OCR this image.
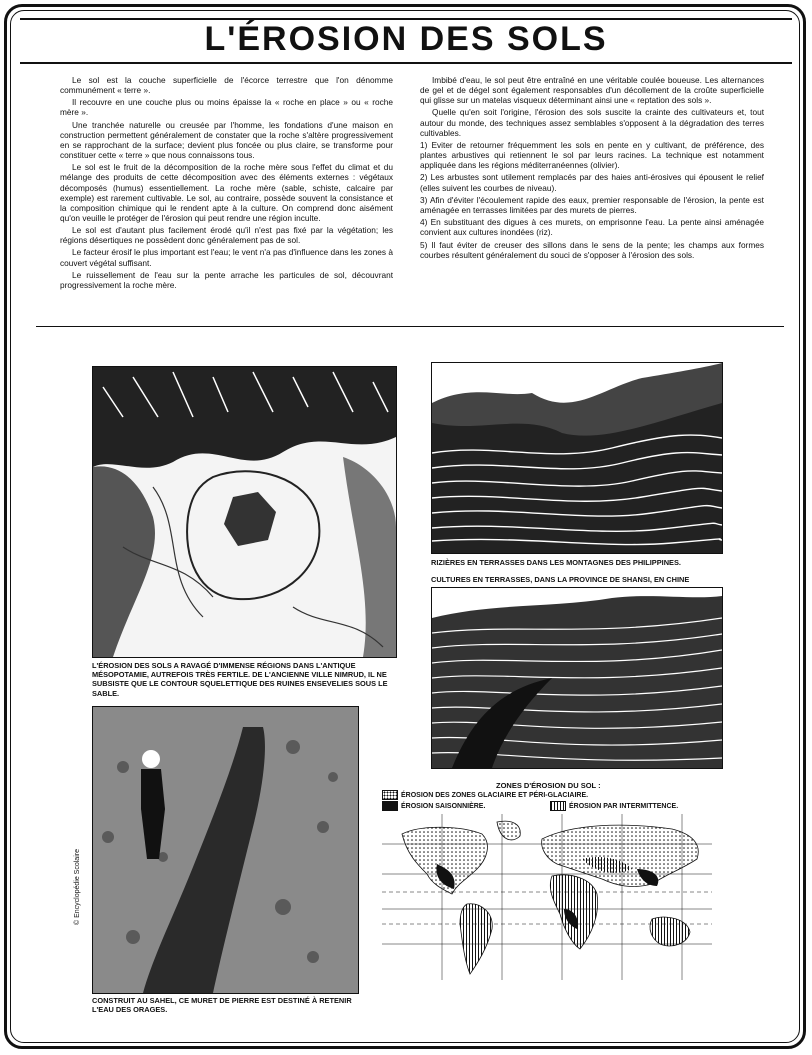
L'ÉROSION DES SOLS

Le sol est la couche superficielle de l'écorce terrestre que l'on dénomme communément « terre ».

Il recouvre en une couche plus ou moins épaisse la « roche en place » ou « roche mère ».

Une tranchée naturelle ou creusée par l'homme, les fondations d'une maison en construction permettent généralement de constater que la roche s'altère progressivement en se rapprochant de la surface; devient plus foncée ou plus claire, se transforme pour constituer cette « terre » que nous connaissons tous.

Le sol est le fruit de la décomposition de la roche mère sous l'effet du climat et du mélange des produits de cette décomposition avec des éléments externes : végétaux décomposés (humus) essentiellement. La roche mère (sable, schiste, calcaire par exemple) est rarement cultivable. Le sol, au contraire, possède souvent la consistance et la composition chimique qui le rendent apte à la culture. On comprend donc aisément qu'on veuille le protéger de l'érosion qui peut rendre une région inculte.

Le sol est d'autant plus facilement érodé qu'il n'est pas fixé par la végétation; les régions désertiques ne possèdent donc généralement pas de sol.

Le facteur érosif le plus important est l'eau; le vent n'a pas d'influence dans les zones à couvert végétal suffisant.

Le ruissellement de l'eau sur la pente arrache les particules de sol, découvrant progressivement la roche mère.

Imbibé d'eau, le sol peut être entraîné en une véritable coulée boueuse. Les alternances de gel et de dégel sont également responsables d'un décollement de la croûte superficielle qui glisse sur un matelas visqueux déterminant ainsi une « reptation des sols ».

Quelle qu'en soit l'origine, l'érosion des sols suscite la crainte des cultivateurs et, tout autour du monde, des techniques assez semblables s'opposent à la dégradation des terres cultivables.

1) Eviter de retourner fréquemment les sols en pente en y cultivant, de préférence, des plantes arbustives qui retiennent le sol par leurs racines. La technique est notamment appliquée dans les régions méditerranéennes (olivier).

2) Les arbustes sont utilement remplacés par des haies anti-érosives qui épousent le relief (elles suivent les courbes de niveau).

3) Afin d'éviter l'écoulement rapide des eaux, premier responsable de l'érosion, la pente est aménagée en terrasses limitées par des murets de pierres.

4) En substituant des digues à ces murets, on emprisonne l'eau. La pente ainsi aménagée convient aux cultures inondées (riz).

5) Il faut éviter de creuser des sillons dans le sens de la pente; les champs aux formes courbes résultent généralement du souci de s'opposer à l'érosion des sols.

L'ÉROSION DES SOLS A RAVAGÉ D'IMMENSE RÉGIONS DANS L'ANTIQUE MÉSOPOTAMIE, AUTREFOIS TRÈS FERTILE. DE L'ANCIENNE VILLE NIMRUD, IL NE SUBSISTE QUE LE CONTOUR SQUELETTIQUE DES RUINES ENSEVELIES SOUS LE SABLE.

RIZIÈRES EN TERRASSES DANS LES MONTAGNES DES PHILIPPINES.

CULTURES EN TERRASSES, DANS LA PROVINCE DE SHANSI, EN CHINE

CONSTRUIT AU SAHEL, CE MURET DE PIERRE EST DESTINÉ À RETENIR L'EAU DES ORAGES.

© Encyclopédie Scolaire
ZONES D'ÉROSION DU SOL :
ÉROSION DES ZONES GLACIAIRE ET PÉRI-GLACIAIRE.
ÉROSION SAISONNIÈRE.	ÉROSION PAR INTERMITTENCE.
